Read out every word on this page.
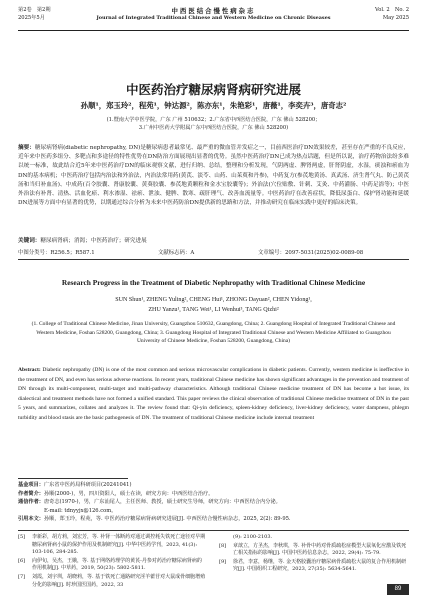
第2卷　第2期
2025年5月
中西医结合慢性病杂志
Journal of Integrated Traditional Chinese and Western Medicine on Chronic Diseases
Vol. 2　No. 2
May 2025
中医药治疗糖尿病肾病研究进展
孙顺¹，郑玉玲²，程苑¹，钟达源²，陈亦东¹，朱艳彩¹，唐薇¹，李奕卉³，唐奇志²
(1.暨南大学中医学院，广东 广州 510632；2.广东省中西医结合医院，广东 佛山 528200；
3.广州中医药大学附属广东中西医结合医院，广东 佛山 528200)
摘要：糖尿病肾病(diabetic nephropathy, DN)是糖尿病患者最常见、最严重的微血管并发症之一，目前西医治疗DN效果较差，甚至存在严重的不良反应，近年来中医药多组分、多靶点和多途径的特性优势在DN防治方面展现出显著的优势。虽然中医药治疗DN已成为热点话题，但是所以说，治疗药物治法纷多难以统一标准，故此结合近5年来中医药治疗DN的临床观察文献，进行归纳、总结，整理和分析发现，气阴两虚、脾肾两虚，肝肾阴虚，水湿，痰浊和瘀血为DN的基本病机；中医药治疗包括内治法和外治法，内治法常用药(黄芪、淡苓、山药、山茱萸和丹参)，中药复方(参芪地黄汤、真武汤、济生肾气丸、防己黄芪汤和当归补血汤)、中成药(百令胶囊、肾康胶囊、黄葵胶囊、参芪地黄颗粒和金水宝胶囊等)；外治法(穴位贴敷、针刺、艾灸、中药灌肠、中药足浴等)；中医外治法有补肾、清热、活血化瘀、利水渗湿、祛瘀、泄浊、健脾、散寒、疏肝理气、改善血流量等。中医药治疗在改善症状，降低尿蛋白、保护肾功能和延缓DN进展等方面中有显著的优势，以期通过综合分析为未来中医药防治DN提供新的思路和方法，并推动研究在临床实践中更好的临床决策。
关键词：糖尿病肾病；消渴；中医药治疗；研究进展
中图分类号：R256.5；R587.1	文献标志码：A	文章编号：2097-5031(2025)02-0089-08
Research Progress in the Treatment of Diabetic Nephropathy with Traditional Chinese Medicine
SUN Shun¹, ZHENG Yuling², CHENG Hui¹, ZHONG Dayuan², CHEN Yidong¹,
ZHU Yanzu¹, TANG Wei¹, LI Wenhui³, TANG Qizhi²
(1. College of Traditional Chinese Medicine, Jinan University, Guangzhou 510632, Guangdong, China; 2. Guangdong Hospital of Integrated Traditional Chinese and Western Medicine, Foshan 528200, Guangdong, China; 3. Guangdong Hospital of Integrated Traditional Chinese and Western Medicine Affiliated to Guangzhou University of Chinese Medicine, Foshan 528200, Guangdong, China)
Abstract: Diabetic nephropathy (DN) is one of the most common and serious microvascular complications in diabetic patients. Currently, western medicine is ineffective in the treatment of DN, and even has serious adverse reactions. In recent years, traditional Chinese medicine has shown significant advantages in the prevention and treatment of DN through its multi-component, multi-target and multi-pathway characteristics. Although traditional Chinese medicine treatment of DN has become a hot issue, its dialectical and treatment methods have not formed a unified standard. This paper reviews the clinical observation of traditional Chinese medicine treatment of DN in the past 5 years, and summarizes, collates and analyzes it. The review found that: Qi-yin deficiency, spleen-kidney deficiency, liver-kidney deficiency, water dampness, phlegm turbidity and blood stasis are the basic pathogenesis of DN. The treatment of traditional Chinese medicine include internal treatment
基金项目：广东省中医药局科研项目(20241041)
作者简介：孙顺(2000-)，男，四川资阳人，硕士在读，研究方向：中西医结合治疗。
通信作者：唐奇志(1970-)，男，广东汕尾人，主任医师、教授，硕士研究生导师，研究方向：中西医结合内分泌。
E-mail: tdnyyjx@126.com。
引用本文：孙顺，郑玉玲，程苑，等. 中医药治疗糖尿病肾病研究进展[J]. 中西医结合慢性病杂志，2025, 2(2): 89-95.
[5]	李新彩，胡方莉，刘宏芳，等. 补肾一体断药对通过调控耗失铁死亡途径对早期糖尿病肾病小鼠的保护作用及机制研究[J]. 中华中医药学刊，2023, 41(3): 103-106, 284-285.
[6]	向伊旬，吴杰，王娥，等. 基于网络药理学的黄芪-丹参对药治疗糖尿病肾病的作用机制[J]. 中草药，2019, 50(23): 5802-5811.
[7]	刘霞，刘宇圳，胡晓莉，等. 基于铁死亡通路研究淫羊藿苷对大鼠成骨细胞增殖分化的影响[J]. 时珍国医国药，2022, 33
(9): 2100-2103.
[8]	章歆立，方圣杰，李秋琪，等. 补骨中药对骨质疏松症模型大鼠氧化应激及铁死亡相关指标的影响[J]. 中国中医药信息杂志，2022, 29(4): 75-79.
[9]	徐君，李意，杨继，等. 金天格胶囊治疗糖尿病骨质疏松大鼠的复合作用机制研究[J]. 中国组织工程研究，2023, 27(35): 5634-5641.
89
